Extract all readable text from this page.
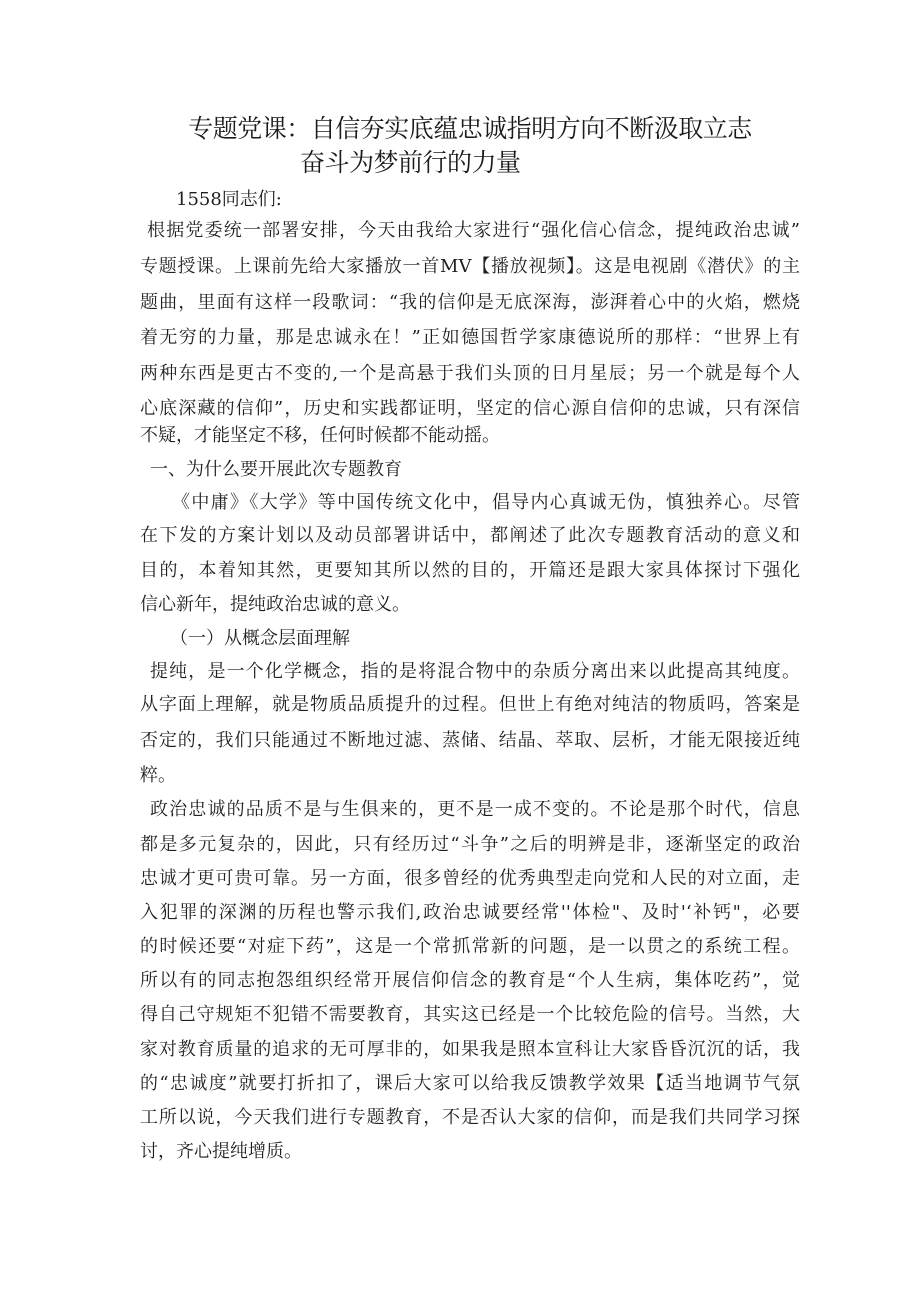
专题党课：自信夯实底蕴忠诚指明方向不断汲取立志
奋斗为梦前行的力量
1558同志们:
根据党委统一部署安排，今天由我给大家进行“强化信心信念，提纯政治忠诚”
专题授课。上课前先给大家播放一首MV【播放视频】。这是电视剧《潜伏》的主
题曲，里面有这样一段歌词：“我的信仰是无底深海，澎湃着心中的火焰，燃烧
着无穷的力量，那是忠诚永在！”正如德国哲学家康德说所的那样：“世界上有
两种东西是更古不变的,一个是高悬于我们头顶的日月星辰；另一个就是每个人
心底深藏的信仰”，历史和实践都证明，坚定的信心源自信仰的忠诚，只有深信
不疑，才能坚定不移，任何时候都不能动摇。
一、为什么要开展此次专题教育
《中庸》《大学》等中国传统文化中，倡导内心真诚无伪，慎独养心。尽管
在下发的方案计划以及动员部署讲话中，都阐述了此次专题教育活动的意义和
目的，本着知其然，更要知其所以然的目的，开篇还是跟大家具体探讨下强化
信心新年，提纯政治忠诚的意义。
（一）从概念层面理解
提纯，是一个化学概念，指的是将混合物中的杂质分离出来以此提高其纯度。
从字面上理解，就是物质品质提升的过程。但世上有绝对纯洁的物质吗，答案是
否定的，我们只能通过不断地过滤、蒸储、结晶、萃取、层析，才能无限接近纯
粹。
政治忠诚的品质不是与生俱来的，更不是一成不变的。不论是那个时代，信息
都是多元复杂的，因此，只有经历过“斗争”之后的明辨是非，逐渐坚定的政治
忠诚才更可贵可靠。另一方面，很多曾经的优秀典型走向党和人民的对立面，走
入犯罪的深渊的历程也警示我们,政治忠诚要经常''体检"、及时'‘补钙"，必要
的时候还要“对症下药”，这是一个常抓常新的问题，是一以贯之的系统工程。
所以有的同志抱怨组织经常开展信仰信念的教育是“个人生病，集体吃药”，觉
得自己守规矩不犯错不需要教育，其实这已经是一个比较危险的信号。当然，大
家对教育质量的追求的无可厚非的，如果我是照本宣科让大家昏昏沉沉的话，我
的“忠诚度”就要打折扣了，课后大家可以给我反馈教学效果【适当地调节气氛
工所以说，今天我们进行专题教育，不是否认大家的信仰，而是我们共同学习探
讨，齐心提纯增质。
